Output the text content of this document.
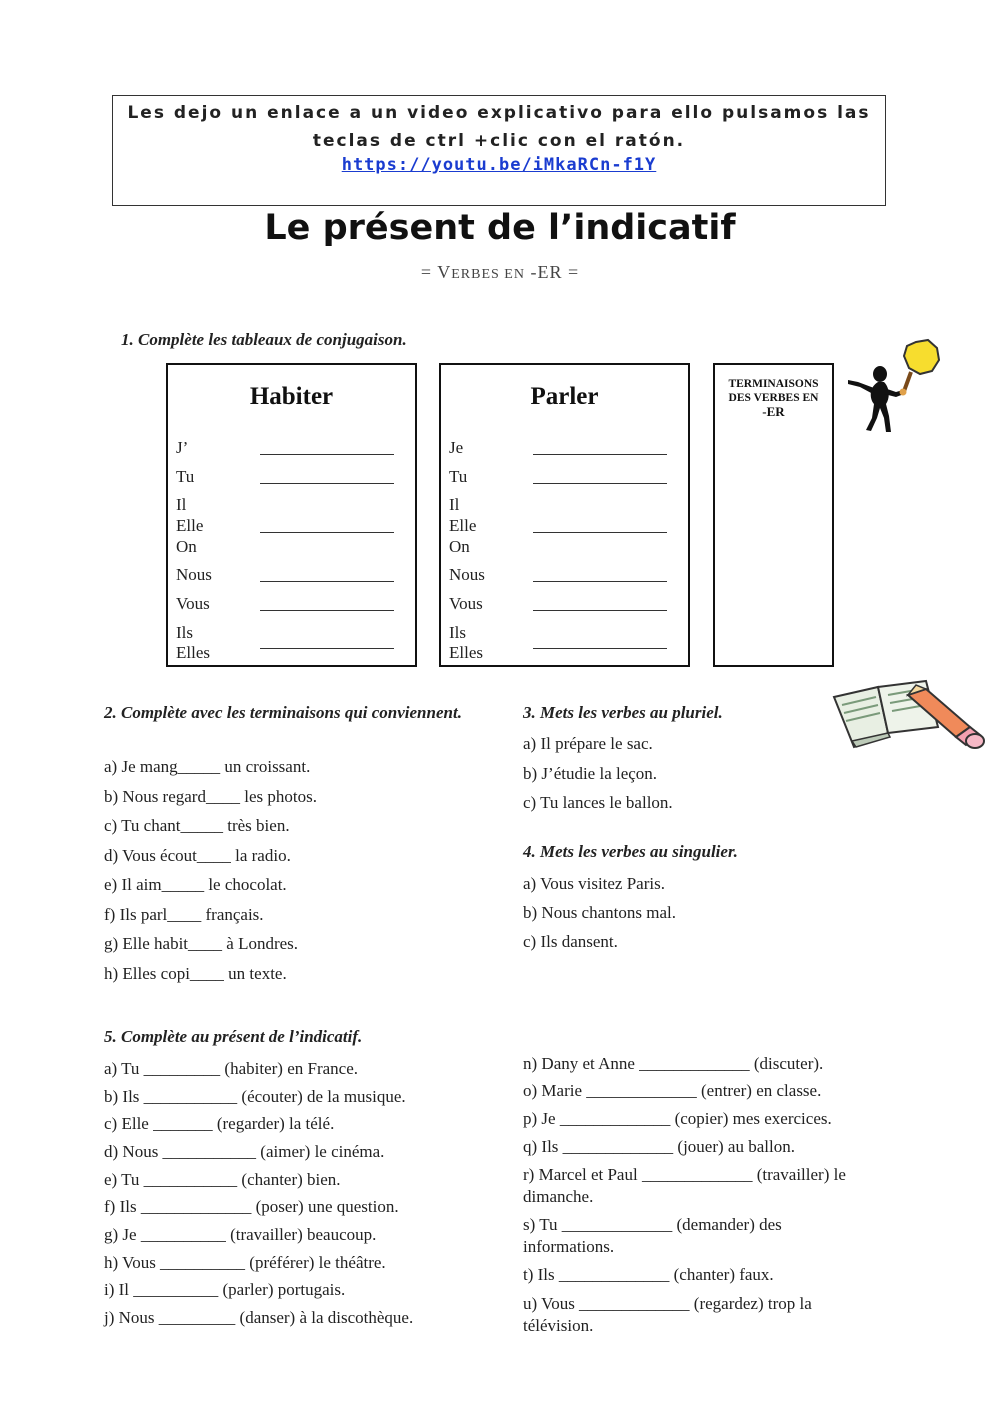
Les dejo un enlace a un video explicativo para ello pulsamos las
teclas de ctrl +clic con el ratón.
https://youtu.be/iMkaRCn-f1Y
Le présent de l’indicatif
= VERBES EN -ER =
1. Complète les tableaux de conjugaison.
Habiter
J’
Tu
Il
Elle
On
Nous
Vous
Ils
Elles
Parler
Je
Tu
Il
Elle
On
Nous
Vous
Ils
Elles
TERMINAISONS
DES VERBES EN
-ER
2. Complète avec les terminaisons qui conviennent.
a) Je mang_____ un croissant.
b) Nous regard____ les photos.
c) Tu chant_____ très bien.
d) Vous écout____ la radio.
e) Il aim_____ le chocolat.
f) Ils parl____ français.
g) Elle habit____ à Londres.
h) Elles copi____ un texte.
3. Mets les verbes au pluriel.
a) Il prépare le sac.
b) J’étudie la leçon.
c) Tu lances le ballon.
4. Mets les verbes au singulier.
a) Vous visitez Paris.
b) Nous chantons mal.
c) Ils dansent.
5. Complète au présent de l’indicatif.
a) Tu _________ (habiter) en France.
b) Ils ___________ (écouter) de la musique.
c) Elle _______ (regarder) la télé.
d) Nous ___________ (aimer) le cinéma.
e) Tu ___________ (chanter) bien.
f) Ils _____________ (poser) une question.
g) Je __________ (travailler) beaucoup.
h) Vous __________ (préférer) le théâtre.
i) Il __________ (parler) portugais.
j) Nous _________ (danser) à la discothèque.
n) Dany et Anne _____________ (discuter).
o) Marie _____________ (entrer) en classe.
p) Je _____________ (copier) mes exercices.
q) Ils _____________ (jouer) au ballon.
r) Marcel et Paul _____________ (travailler) le dimanche.
s) Tu _____________ (demander) des informations.
t) Ils _____________ (chanter) faux.
u) Vous _____________ (regardez) trop la télévision.
